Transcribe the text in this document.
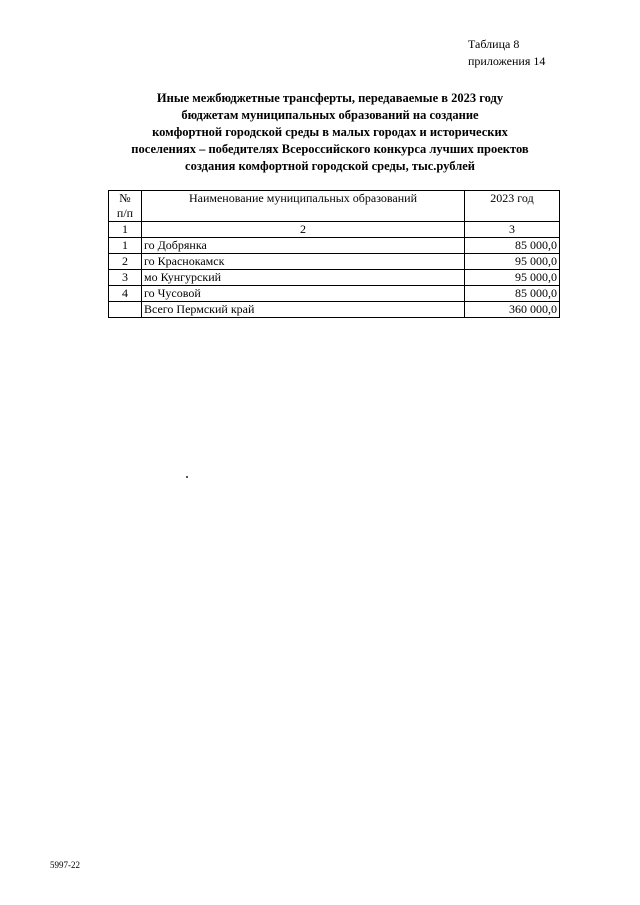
Таблица 8
приложения 14
Иные межбюджетные трансферты, передаваемые в 2023 году
бюджетам муниципальных образований на создание
комфортной городской среды в малых городах и исторических
поселениях – победителях Всероссийского конкурса лучших проектов
создания комфортной городской среды, тыс.рублей
№
п/п	Наименование муниципальных образований	2023 год
1	2	3
1	го Добрянка	85 000,0
2	го Краснокамск	95 000,0
3	мо Кунгурский	95 000,0
4	го Чусовой	85 000,0
	Всего Пермский край	360 000,0
5997-22
